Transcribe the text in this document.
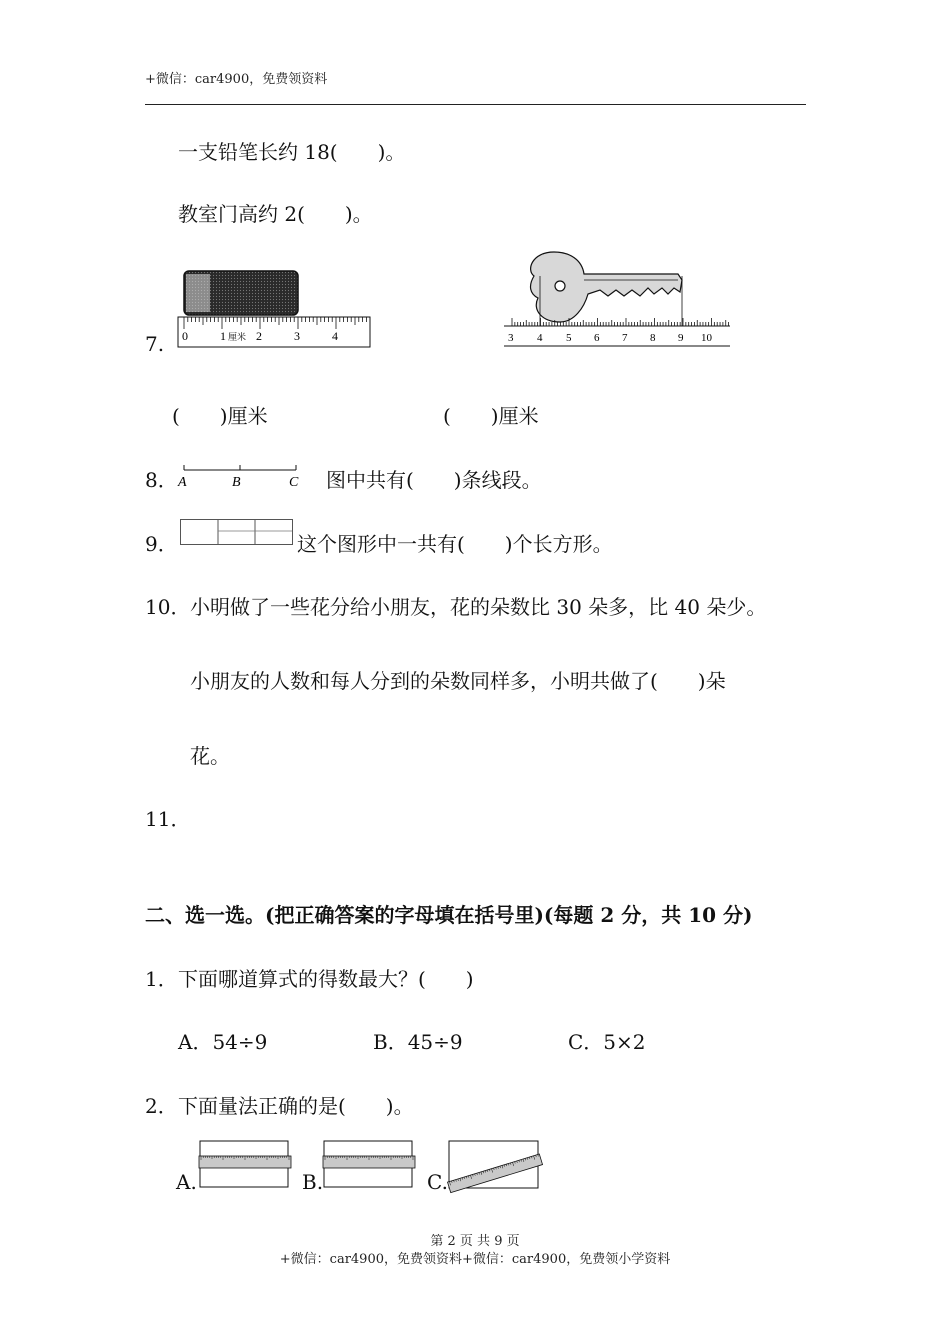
+微信：car4900，免费领资料
一支铅笔长约 18(　　)。
教室门高约 2(　　)。
7. 0	1 厘米 2	3	4	3 4 5 6 7 8 9 10
(　　)厘米	(　　)厘米
8． A	B	C 图中共有(　　)条线段。
9．	这个图形中一共有(　　)个长方形。
10． 小明做了一些花分给小朋友，花的朵数比 30 朵多，比 40 朵少。
小朋友的人数和每人分到的朵数同样多，小明共做了(　　)朵
花。
11．
二、选一选。(把正确答案的字母填在括号里)(每题 2 分，共 10 分)
1． 下面哪道算式的得数最大？(　　)
A．54÷9	B．45÷9	C．5×2
2． 下面量法正确的是(　　)。
A.	B.	C.
第 2 页 共 9 页
+微信：car4900，免费领资料+微信：car4900，免费领小学资料
